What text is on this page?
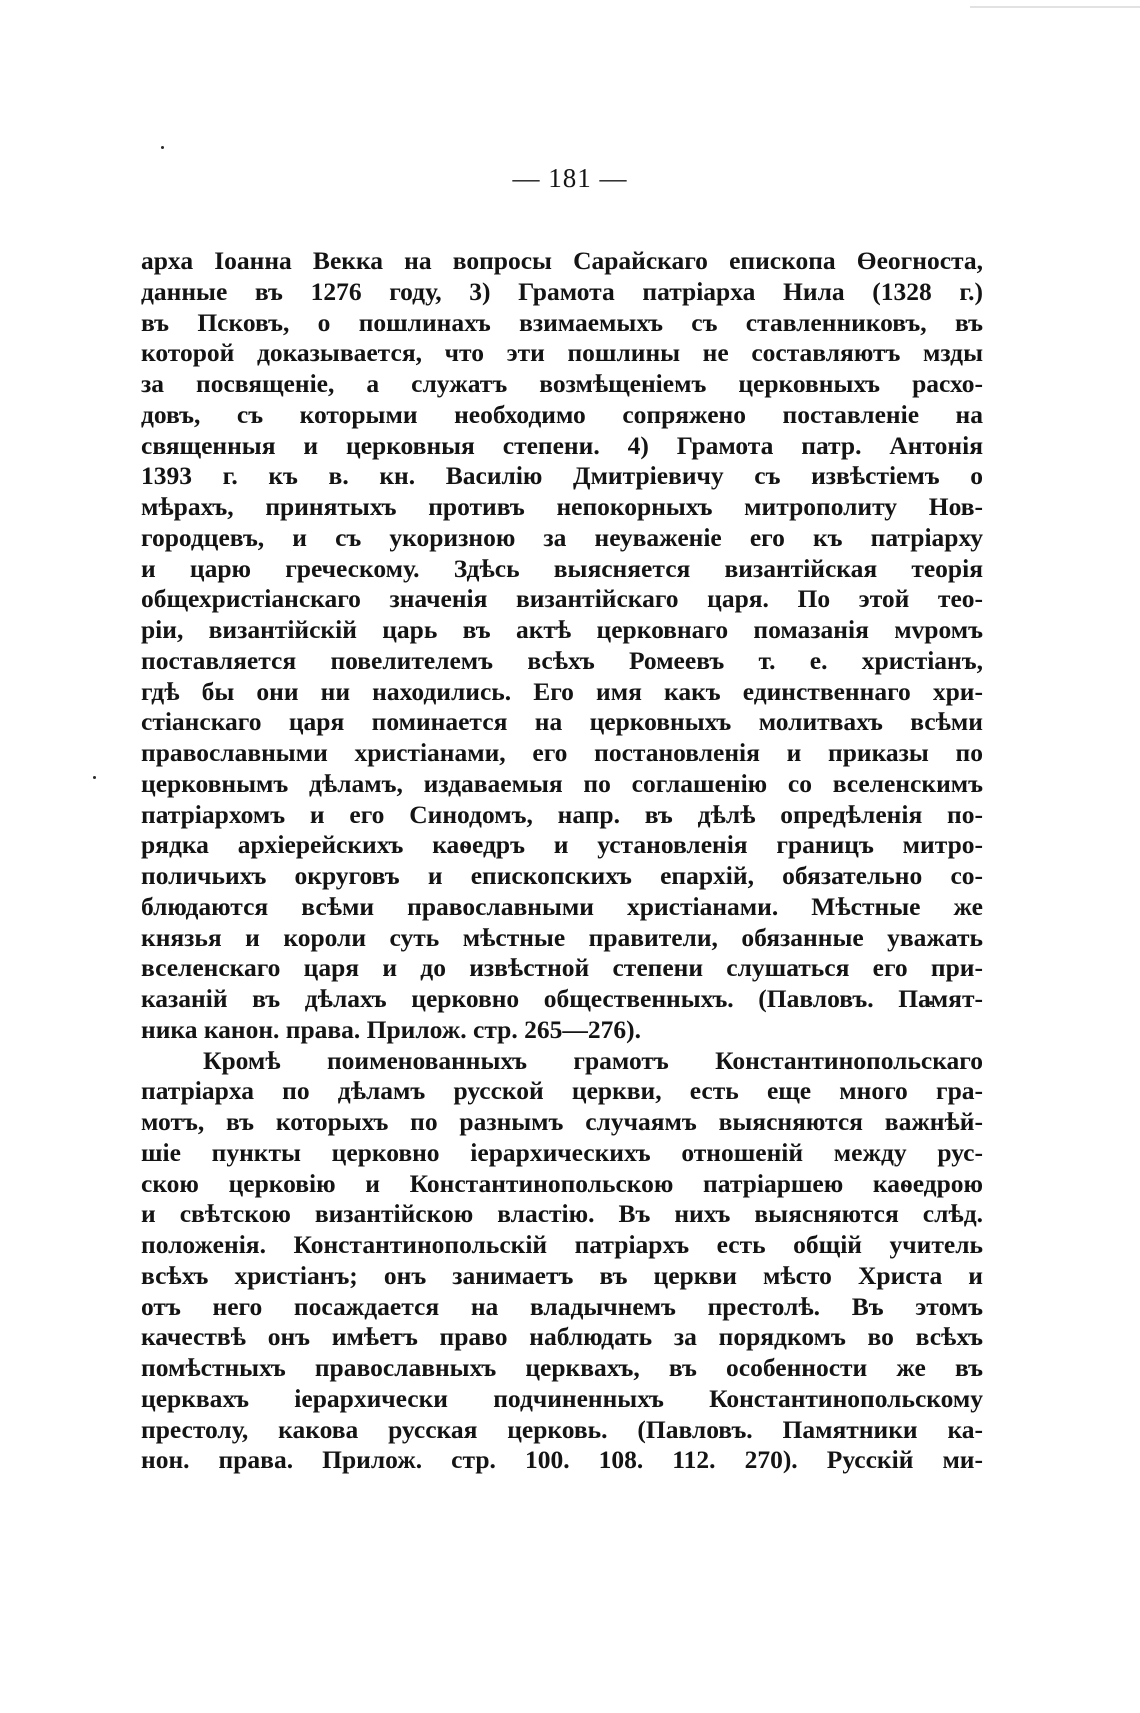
— 181 —
арха Іоанна Векка на вопросы Сарайскаго епископа Өеогноста,
данные въ 1276 году, 3) Грамота патріарха Нила (1328 г.)
въ Псковъ, о пошлинахъ взимаемыхъ съ ставленниковъ, въ
которой доказывается, что эти пошлины не составляютъ мзды
за посвященіе, а служатъ возмѣщеніемъ церковныхъ расхо-
довъ, съ которыми необходимо сопряжено поставленіе на
священныя и церковныя степени. 4) Грамота патр. Антонія
1393 г. къ в. кн. Василію Дмитріевичу съ извѣстіемъ о
мѣрахъ, принятыхъ противъ непокорныхъ митрополиту Нов-
городцевъ, и съ укоризною за неуваженіе его къ патріарху
и царю греческому. Здѣсь выясняется византійская теорія
общехристіанскаго значенія византійскаго царя. По этой тео-
ріи, византійскій царь въ актѣ церковнаго помазанія мvромъ
поставляется повелителемъ всѣхъ Ромеевъ т. е. христіанъ,
гдѣ бы они ни находились. Его имя какъ единственнаго хри-
стіанскаго царя поминается на церковныхъ молитвахъ всѣми
православными христіанами, его постановленія и приказы по
церковнымъ дѣламъ, издаваемыя по соглашенію со вселенскимъ
патріархомъ и его Синодомъ, напр. въ дѣлѣ опредѣленія по-
рядка архіерейскихъ каѳедръ и установленія границъ митро-
поличьихъ округовъ и епископскихъ епархій, обязательно со-
блюдаются всѣми православными христіанами. Мѣстные же
князья и короли суть мѣстные правители, обязанные уважать
вселенскаго царя и до извѣстной степени слушаться его при-
казаній въ дѣлахъ церковно общественныхъ. (Павловъ. Памят-
ника канон. права. Прилож. стр. 265—276).
Кромѣ поименованныхъ грамотъ Константинопольскаго
патріарха по дѣламъ русской церкви, есть еще много гра-
мотъ, въ которыхъ по разнымъ случаямъ выясняются важнѣй-
шіе пункты церковно іерархическихъ отношеній между рус-
скою церковію и Константинопольскою патріаршею каѳедрою
и свѣтскою византійскою властію. Въ нихъ выясняются слѣд.
положенія. Константинопольскій патріархъ есть общій учитель
всѣхъ христіанъ; онъ занимаетъ въ церкви мѣсто Христа и
отъ него посаждается на владычнемъ престолѣ. Въ этомъ
качествѣ онъ имѣетъ право наблюдать за порядкомъ во всѣхъ
помѣстныхъ православныхъ церквахъ, въ особенности же въ
церквахъ іерархически подчиненныхъ Константинопольскому
престолу, какова русская церковь. (Павловъ. Памятники ка-
нон. права. Прилож. стр. 100. 108. 112. 270). Русскій ми-
